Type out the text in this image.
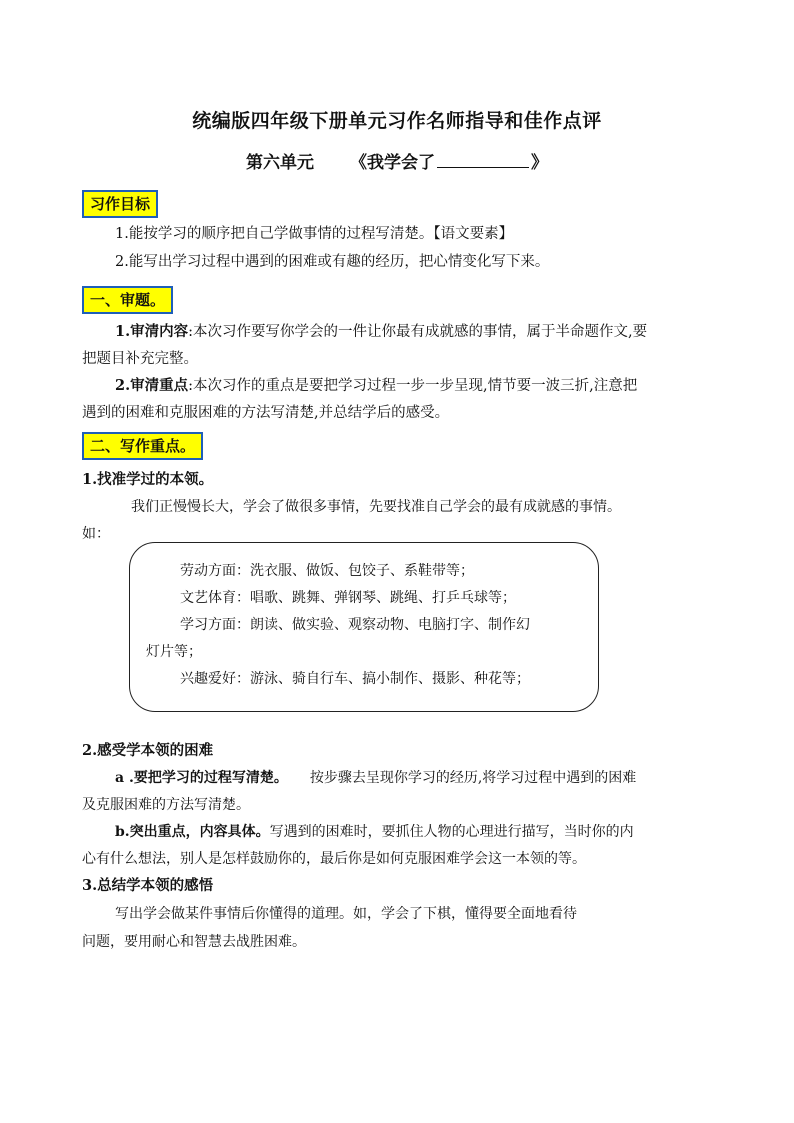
统编版四年级下册单元习作名师指导和佳作点评
第六单元 《我学会了	》
习作目标
1.能按学习的顺序把自己学做事情的过程写清楚。【语文要素】
2.能写出学习过程中遇到的困难或有趣的经历，把心情变化写下来。
一、审题。
1.审清内容:本次习作要写你学会的一件让你最有成就感的事情，属于半命题作文,要
把题目补充完整。
2.审清重点:本次习作的重点是要把学习过程一步一步呈现,情节要一波三折,注意把
遇到的困难和克服困难的方法写清楚,并总结学后的感受。
二、写作重点。
1.找准学过的本领。
我们正慢慢长大，学会了做很多事情，先要找准自己学会的最有成就感的事情。
如：
劳动方面：洗衣服、做饭、包饺子、系鞋带等；
文艺体育：唱歌、跳舞、弹钢琴、跳绳、打乒乓球等；
学习方面：朗读、做实验、观察动物、电脑打字、制作幻
灯片等；
兴趣爱好：游泳、骑自行车、搞小制作、摄影、种花等；
2.感受学本领的困难
a .要把学习的过程写清楚。 按步骤去呈现你学习的经历,将学习过程中遇到的困难
及克服困难的方法写清楚。
b.突出重点，内容具体。写遇到的困难时，要抓住人物的心理进行描写，当时你的内
心有什么想法，别人是怎样鼓励你的，最后你是如何克服困难学会这一本领的等。
3.总结学本领的感悟
写出学会做某件事情后你懂得的道理。如，学会了下棋，懂得要全面地看待
问题，要用耐心和智慧去战胜困难。
